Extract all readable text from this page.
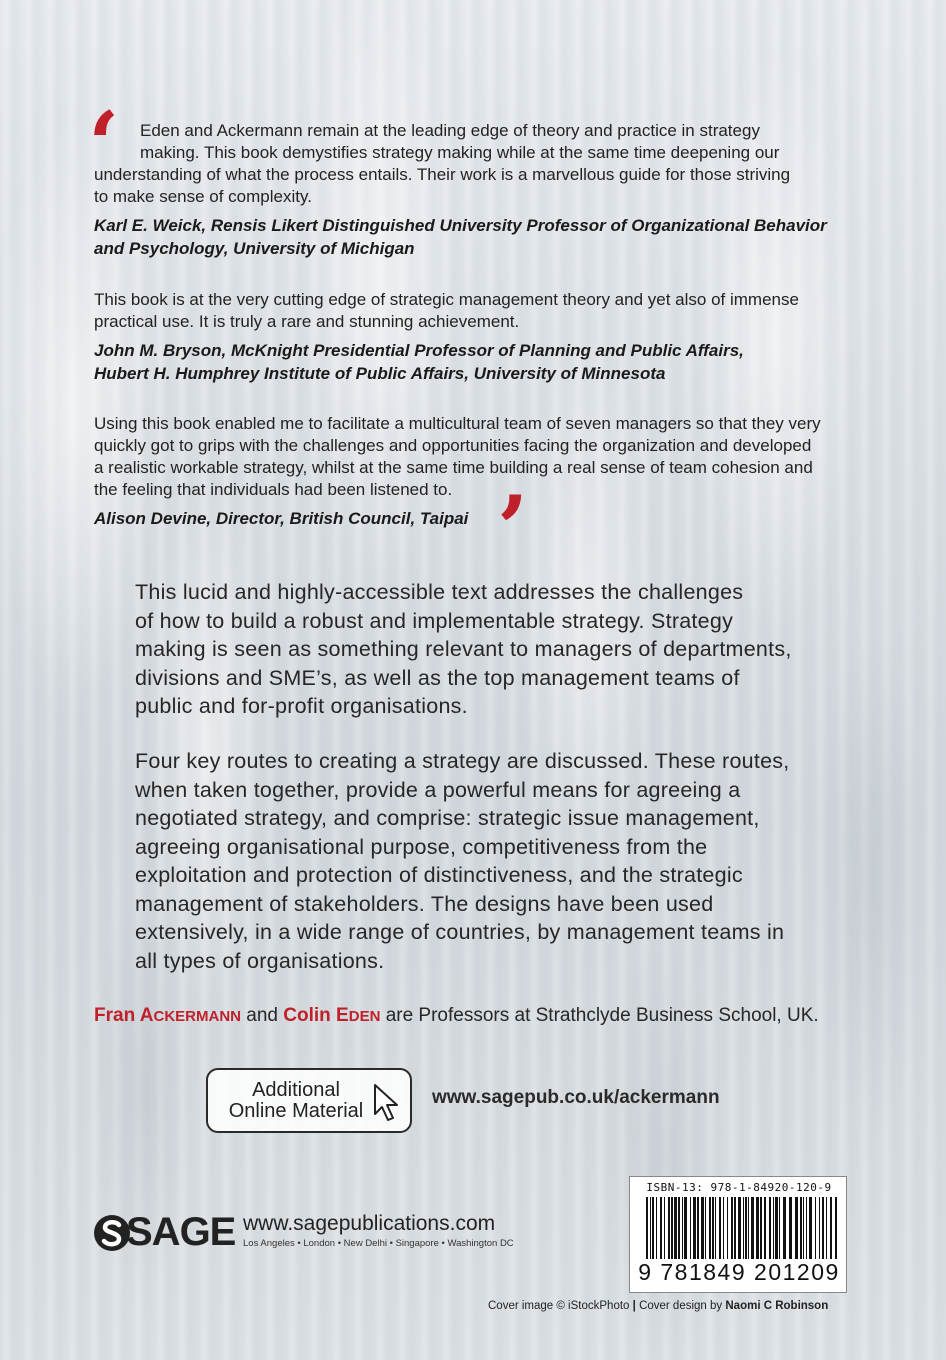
‘	Eden and Ackermann remain at the leading edge of theory and practice in strategy
making. This book demystifies strategy making while at the same time deepening our
understanding of what the process entails. Their work is a marvellous guide for those striving
to make sense of complexity.
Karl E. Weick, Rensis Likert Distinguished University Professor of Organizational Behavior
and Psychology, University of Michigan
This book is at the very cutting edge of strategic management theory and yet also of immense
practical use. It is truly a rare and stunning achievement.
John M. Bryson, McKnight Presidential Professor of Planning and Public Affairs,
Hubert H. Humphrey Institute of Public Affairs, University of Minnesota
Using this book enabled me to facilitate a multicultural team of seven managers so that they very
quickly got to grips with the challenges and opportunities facing the organization and developed
a realistic workable strategy, whilst at the same time building a real sense of team cohesion and
the feeling that individuals had been listened to.
Alison Devine, Director, British Council, Taipai ’
This lucid and highly-accessible text addresses the challenges
of how to build a robust and implementable strategy. Strategy
making is seen as something relevant to managers of departments,
divisions and SME’s, as well as the top management teams of
public and for-profit organisations.
Four key routes to creating a strategy are discussed. These routes,
when taken together, provide a powerful means for agreeing a
negotiated strategy, and comprise: strategic issue management,
agreeing organisational purpose, competitiveness from the
exploitation and protection of distinctiveness, and the strategic
management of stakeholders. The designs have been used
extensively, in a wide range of countries, by management teams in
all types of organisations.
Fran ACKERMANN and Colin EDEN are Professors at Strathclyde Business School, UK.
Additional
Online Material
www.sagepub.co.uk/ackermann
SAGE www.sagepublications.com
Los Angeles • London • New Delhi • Singapore • Washington DC
ISBN-13: 978-1-84920-120-9
9 781849 201209
Cover image © iStockPhoto | Cover design by Naomi C Robinson
